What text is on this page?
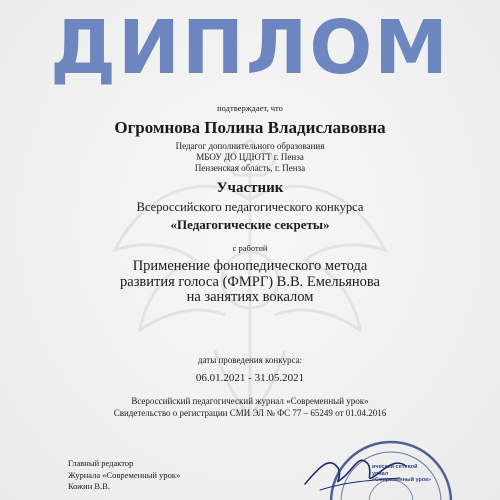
ДИПЛОМ
подтверждает, что
Огромнова Полина Владиславовна
Педагог дополнительного образования
МБОУ ДО ЦДЮТТ г. Пенза
Пензенская область, г. Пенза
Участник
Всероссийского педагогического конкурса
«Педагогические секреты»
с работой
Применение фонопедического метода
развития голоса (ФМРГ) В.В. Емельянова
на занятиях вокалом
даты проведения конкурса:
06.01.2021 - 31.05.2021
Всероссийский педагогический журнал «Современный урок»
Свидетельство о регистрации СМИ ЭЛ № ФС 77 – 65249 от 01.04.2016
Главный редактор
Журнала «Современный урок»
Кожин В.В.
ический сетевой
урнал
«Современный урок»
